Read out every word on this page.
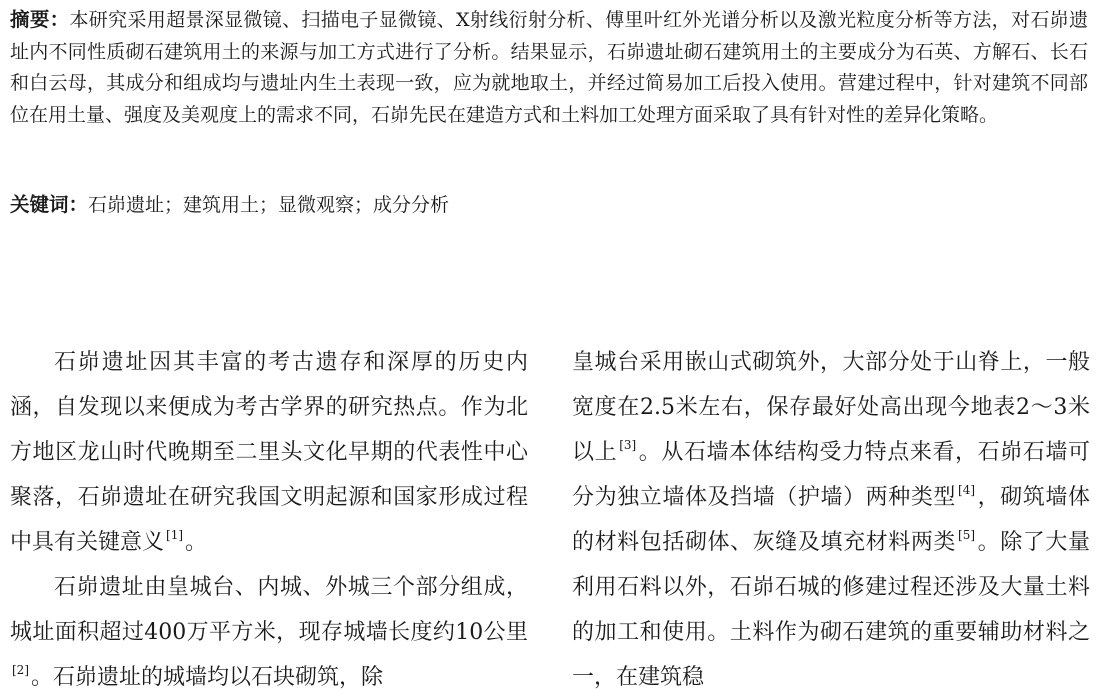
摘要：本研究采用超景深显微镜、扫描电子显微镜、X射线衍射分析、傅里叶红外光谱分析以及激光粒度分析等方法，对石峁遗址内不同性质砌石建筑用土的来源与加工方式进行了分析。结果显示，石峁遗址砌石建筑用土的主要成分为石英、方解石、长石和白云母，其成分和组成均与遗址内生土表现一致，应为就地取土，并经过简易加工后投入使用。营建过程中，针对建筑不同部位在用土量、强度及美观度上的需求不同，石峁先民在建造方式和土料加工处理方面采取了具有针对性的差异化策略。
关键词：石峁遗址；建筑用土；显微观察；成分分析

石峁遗址因其丰富的考古遗存和深厚的历史内涵，自发现以来便成为考古学界的研究热点。作为北方地区龙山时代晚期至二里头文化早期的代表性中心聚落，石峁遗址在研究我国文明起源和国家形成过程中具有关键意义 [1]。

石峁遗址由皇城台、内城、外城三个部分组成，城址面积超过400万平方米，现存城墙长度约10公里[2]。石峁遗址的城墙均以石块砌筑，除

皇城台采用嵌山式砌筑外，大部分处于山脊上，一般宽度在2.5米左右，保存最好处高出现今地表2～3米以上 [3]。从石墙本体结构受力特点来看，石峁石墙可分为独立墙体及挡墙（护墙）两种类型 [4]，砌筑墙体的材料包括砌体、灰缝及填充材料两类 [5]。除了大量利用石料以外，石峁石城的修建过程还涉及大量土料的加工和使用。土料作为砌石建筑的重要辅助材料之一，在建筑稳
